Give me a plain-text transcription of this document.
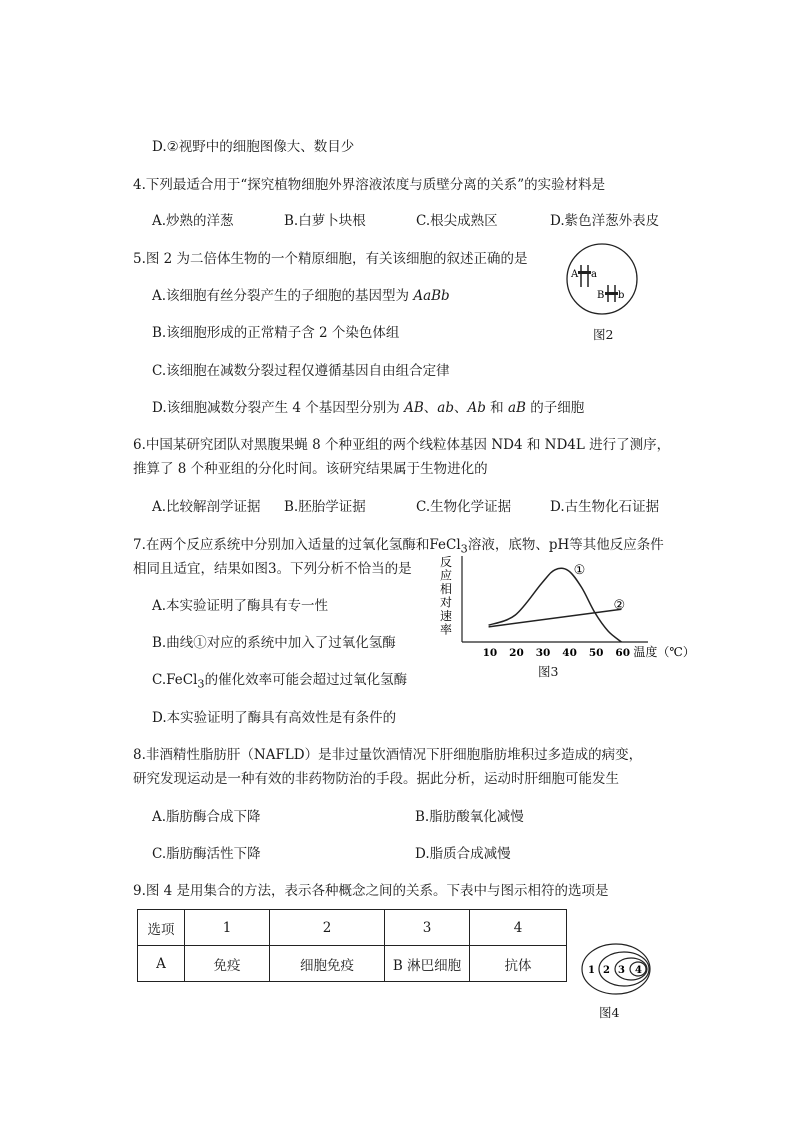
D.②视野中的细胞图像大、数目少
4.下列最适合用于“探究植物细胞外界溶液浓度与质壁分离的关系”的实验材料是
A.炒熟的洋葱	B.白萝卜块根	C.根尖成熟区	D.紫色洋葱外表皮
5.图 2 为二倍体生物的一个精原细胞，有关该细胞的叙述正确的是
A.该细胞有丝分裂产生的子细胞的基因型为 AaBb
B.该细胞形成的正常精子含 2 个染色体组
C.该细胞在减数分裂过程仅遵循基因自由组合定律
D.该细胞减数分裂产生 4 个基因型分别为 AB、ab、Ab 和 aB 的子细胞
A a
B b
图2
6.中国某研究团队对黑腹果蝇 8 个种亚组的两个线粒体基因 ND4 和 ND4L 进行了测序，
推算了 8 个种亚组的分化时间。该研究结果属于生物进化的
A.比较解剖学证据 B.胚胎学证据	C.生物化学证据	D.古生物化石证据
7.在两个反应系统中分别加入适量的过氧化氢酶和FeCl$_3$溶液，底物、pH等其他反应条件
相同且适宜，结果如图3。下列分析不恰当的是
A.本实验证明了酶具有专一性
B.曲线①对应的系统中加入了过氧化氢酶
C.FeCl$_3$的催化效率可能会超过过氧化氢酶
D.本实验证明了酶具有高效性是有条件的
反
应
相
对
速
率
10 20 30 40 50 60
①
②
温度（℃）
图3
8.非酒精性脂肪肝（NAFLD）是非过量饮酒情况下肝细胞脂肪堆积过多造成的病变，
研究发现运动是一种有效的非药物防治的手段。据此分析，运动时肝细胞可能发生
A.脂肪酶合成下降	B.脂肪酸氧化减慢
C.脂肪酶活性下降	D.脂质合成减慢
9.图 4 是用集合的方法，表示各种概念之间的关系。下表中与图示相符的选项是
选项	1	2	3	4
A	免疫	细胞免疫	B 淋巴细胞	抗体	1 2 3 4
图4
